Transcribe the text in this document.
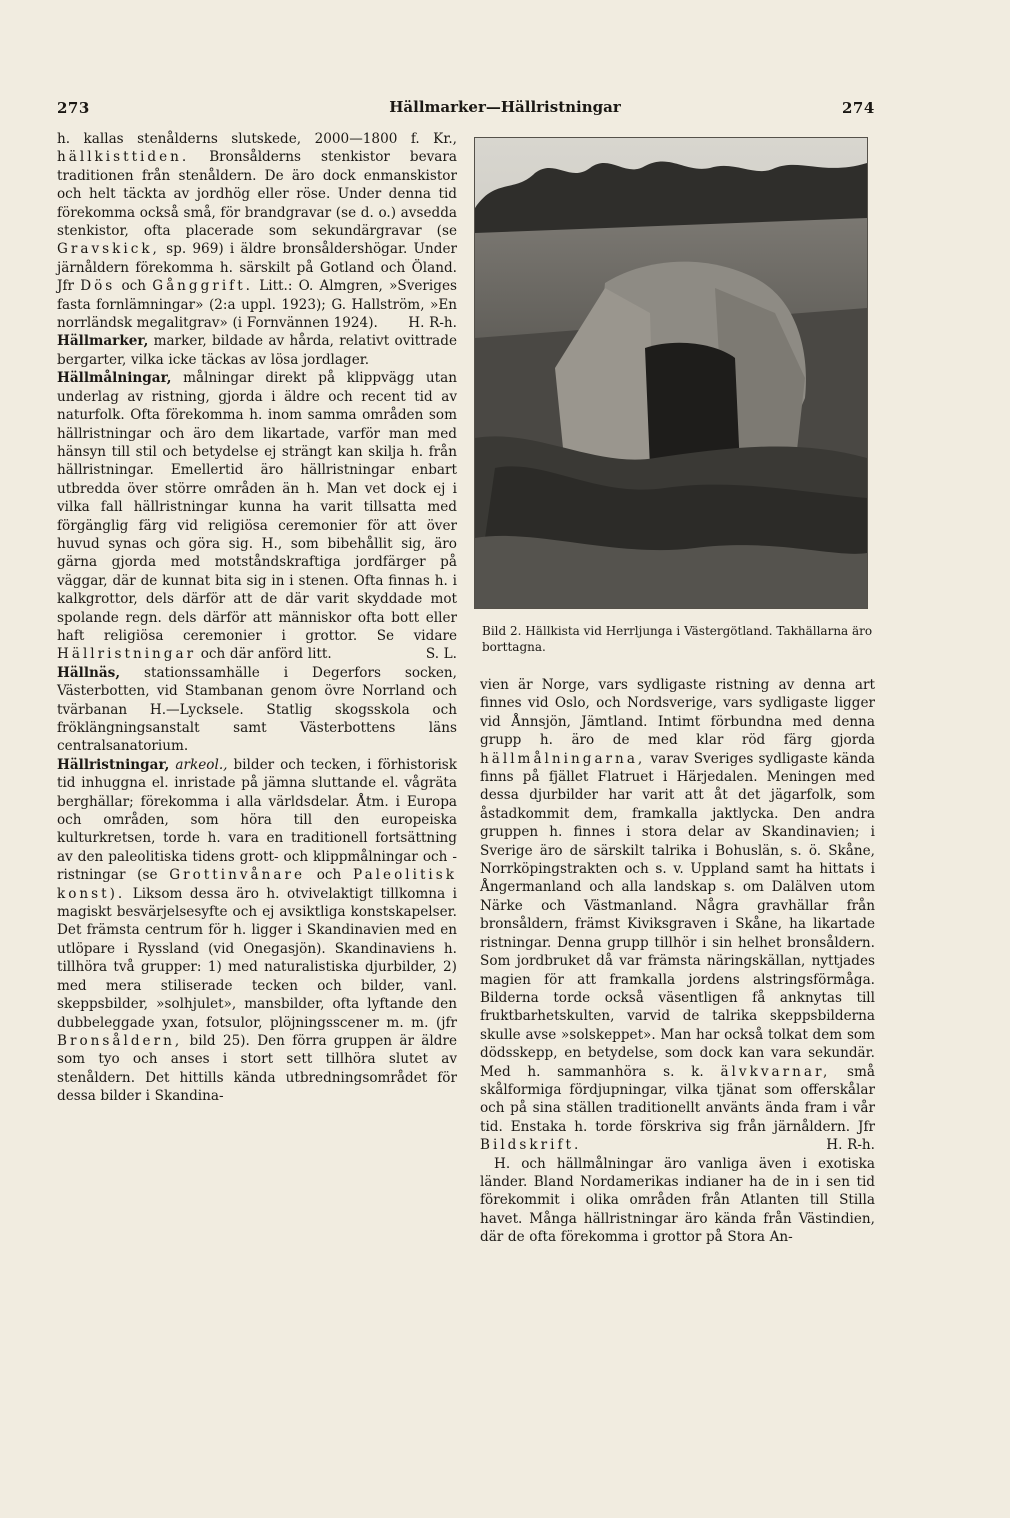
273	Hällmarker—Hällristningar	274

h. kallas stenålderns slutskede, 2000—1800 f. Kr., hällkisttiden. Bronsålderns stenkistor bevara traditionen från stenåldern. De äro dock enmanskistor och helt täckta av jordhög eller röse. Under denna tid förekomma också små, för brandgravar (se d. o.) avsedda stenkistor, ofta placerade som sekundärgravar (se Gravskick, sp. 969) i äldre bronsåldershögar. Under järnåldern förekomma h. särskilt på Gotland och Öland. Jfr Dös och Gånggrift. Litt.: O. Almgren, »Sveriges fasta fornlämningar» (2:a uppl. 1923); G. Hallström, »En norrländsk megalitgrav» (i Fornvännen 1924). H. R-h.

Hällmarker, marker, bildade av hårda, relativt ovittrade bergarter, vilka icke täckas av lösa jordlager.

Hällmålningar, målningar direkt på klippvägg utan underlag av ristning, gjorda i äldre och recent tid av naturfolk. Ofta förekomma h. inom samma områden som hällristningar och äro dem likartade, varför man med hänsyn till stil och betydelse ej strängt kan skilja h. från hällristningar. Emellertid äro hällristningar enbart utbredda över större områden än h. Man vet dock ej i vilka fall hällristningar kunna ha varit tillsatta med förgänglig färg vid religiösa ceremonier för att över huvud synas och göra sig. H., som bibehållit sig, äro gärna gjorda med motståndskraftiga jordfärger på väggar, där de kunnat bita sig in i stenen. Ofta finnas h. i kalkgrottor, dels därför att de där varit skyddade mot spolande regn. dels därför att människor ofta bott eller haft religiösa ceremonier i grottor. Se vidare Hällristningar och där anförd litt.	S. L.

Hällnäs, stationssamhälle i Degerfors socken, Västerbotten, vid Stambanan genom övre Norrland och tvärbanan H.—Lycksele. Statlig skogsskola och fröklängningsanstalt samt Västerbottens läns centralsanatorium.

Hällristningar, arkeol., bilder och tecken, i förhistorisk tid inhuggna el. inristade på jämna sluttande el. vågräta berghällar; förekomma i alla världsdelar. Åtm. i Europa och områden, som höra till den europeiska kulturkretsen, torde h. vara en traditionell fortsättning av den paleolitiska tidens grott- och klippmålningar och -ristningar (se Grottinvånare och Paleolitisk konst). Liksom dessa äro h. otvivelaktigt tillkomna i magiskt besvärjelsesyfte och ej avsiktliga konstskapelser. Det främsta centrum för h. ligger i Skandinavien med en utlöpare i Ryssland (vid Onegasjön). Skandinaviens h. tillhöra två grupper: 1) med naturalistiska djurbilder, 2) med mera stiliserade tecken och bilder, vanl. skeppsbilder, »solhjulet», mansbilder, ofta lyftande den dubbeleggade yxan, fotsulor, plöjningsscener m. m. (jfr Bronsåldern, bild 25). Den förra gruppen är äldre som tyo och anses i stort sett tillhöra slutet av stenåldern. Det hittills kända utbredningsområdet för dessa bilder i Skandina-

Bild 2. Hällkista vid Herrljunga i Västergötland. Takhällarna äro borttagna.

vien är Norge, vars sydligaste ristning av denna art finnes vid Oslo, och Nordsverige, vars sydligaste ligger vid Ånnsjön, Jämtland. Intimt förbundna med denna grupp h. äro de med klar röd färg gjorda hällmålningarna, varav Sveriges sydligaste kända finns på fjället Flatruet i Härjedalen. Meningen med dessa djurbilder har varit att åt det jägarfolk, som åstadkommit dem, framkalla jaktlycka. Den andra gruppen h. finnes i stora delar av Skandinavien; i Sverige äro de särskilt talrika i Bohuslän, s. ö. Skåne, Norrköpingstrakten och s. v. Uppland samt ha hittats i Ångermanland och alla landskap s. om Dalälven utom Närke och Västmanland. Några gravhällar från bronsåldern, främst Kiviksgraven i Skåne, ha likartade ristningar. Denna grupp tillhör i sin helhet bronsåldern. Som jordbruket då var främsta näringskällan, nyttjades magien för att framkalla jordens alstringsförmåga. Bilderna torde också väsentligen få anknytas till fruktbarhetskulten, varvid de talrika skeppsbilderna skulle avse »solskeppet». Man har också tolkat dem som dödsskepp, en betydelse, som dock kan vara sekundär. Med h. sammanhöra s. k. älvkvarnar, små skålformiga fördjupningar, vilka tjänat som offerskålar och på sina ställen traditionellt använts ända fram i vår tid. Enstaka h. torde förskriva sig från järnåldern. Jfr Bildskrift.	H. R-h.

H. och hällmålningar äro vanliga även i exotiska länder. Bland Nordamerikas indianer ha de in i sen tid förekommit i olika områden från Atlanten till Stilla havet. Många hällristningar äro kända från Västindien, där de ofta förekomma i grottor på Stora An-
